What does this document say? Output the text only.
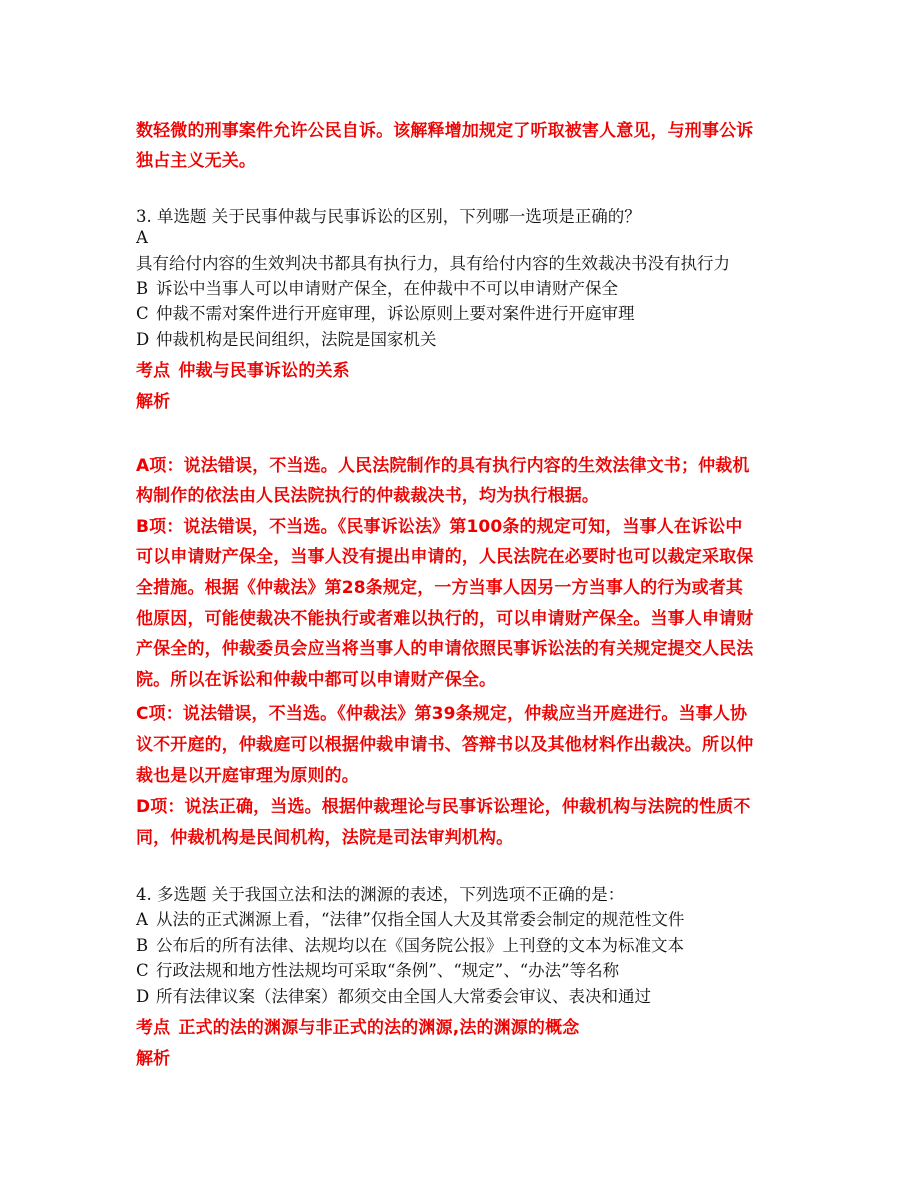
数轻微的刑事案件允许公民自诉。该解释增加规定了听取被害人意见，与刑事公诉

独占主义无关。

3. 单选题 关于民事仲裁与民事诉讼的区别，下列哪一选项是正确的？

A

具有给付内容的生效判决书都具有执行力，具有给付内容的生效裁决书没有执行力

B 诉讼中当事人可以申请财产保全，在仲裁中不可以申请财产保全

C 仲裁不需对案件进行开庭审理，诉讼原则上要对案件进行开庭审理

D 仲裁机构是民间组织，法院是国家机关

考点 仲裁与民事诉讼的关系

解析

A项：说法错误，不当选。人民法院制作的具有执行内容的生效法律文书；仲裁机

构制作的依法由人民法院执行的仲裁裁决书，均为执行根据。

B项：说法错误，不当选。《民事诉讼法》第100条的规定可知，当事人在诉讼中

可以申请财产保全，当事人没有提出申请的，人民法院在必要时也可以裁定采取保

全措施。根据《仲裁法》第28条规定，一方当事人因另一方当事人的行为或者其

他原因，可能使裁决不能执行或者难以执行的，可以申请财产保全。当事人申请财

产保全的，仲裁委员会应当将当事人的申请依照民事诉讼法的有关规定提交人民法

院。所以在诉讼和仲裁中都可以申请财产保全。

C项：说法错误，不当选。《仲裁法》第39条规定，仲裁应当开庭进行。当事人协

议不开庭的，仲裁庭可以根据仲裁申请书、答辩书以及其他材料作出裁决。所以仲

裁也是以开庭审理为原则的。

D项：说法正确，当选。根据仲裁理论与民事诉讼理论，仲裁机构与法院的性质不

同，仲裁机构是民间机构，法院是司法审判机构。

4. 多选题 关于我国立法和法的渊源的表述，下列选项不正确的是：

A 从法的正式渊源上看，“法律”仅指全国人大及其常委会制定的规范性文件

B 公布后的所有法律、法规均以在《国务院公报》上刊登的文本为标准文本

C 行政法规和地方性法规均可采取“条例”、“规定”、“办法”等名称

D 所有法律议案（法律案）都须交由全国人大常委会审议、表决和通过

考点 正式的法的渊源与非正式的法的渊源,法的渊源的概念

解析
